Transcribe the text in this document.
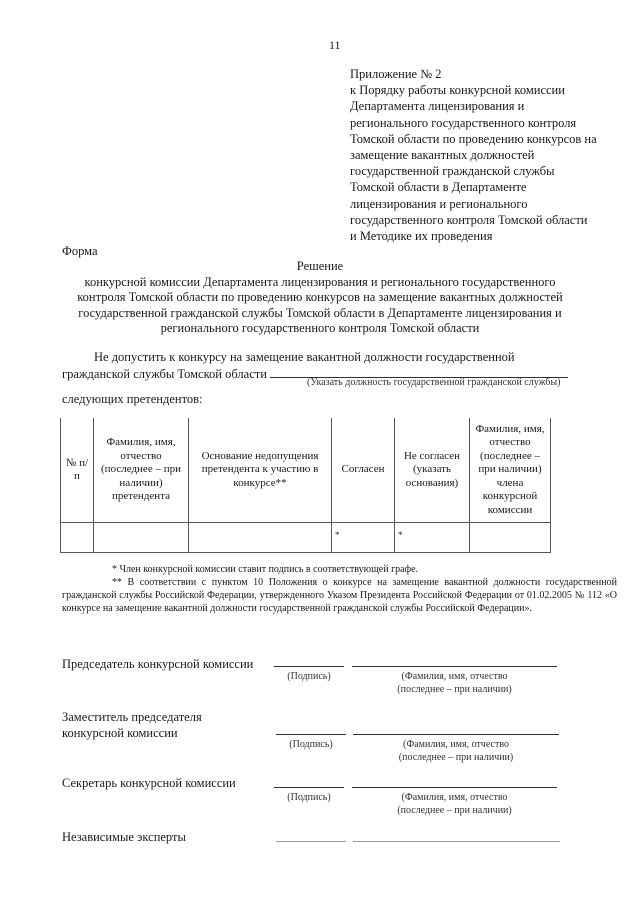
11
Приложение № 2
к Порядку работы конкурсной комиссии
Департамента лицензирования и
регионального государственного контроля
Томской области по проведению конкурсов на
замещение вакантных должностей
государственной гражданской службы
Томской области в Департаменте
лицензирования и регионального
государственного контроля Томской области
и Методике их проведения
Форма
Решение
конкурсной комиссии Департамента лицензирования и регионального государственного
контроля Томской области по проведению конкурсов на замещение вакантных должностей
государственной гражданской службы Томской области в Департаменте лицензирования и
регионального государственного контроля Томской области
Не допустить к конкурсу на замещение вакантной должности государственной
гражданской службы Томской области
(Указать должность государственной гражданской службы)
следующих претендентов:
№ п/п	Фамилия, имя, отчество (последнее – при наличии) претендента	Основание недопущения претендента к участию в конкурсе**	Согласен	Не согласен (указать основания)	Фамилия, имя, отчество (последнее – при наличии) члена конкурсной комиссии
			*	*	
* Член конкурсной комиссии ставит подпись в соответствующей графе.
** В соответствии с пунктом 10 Положения о конкурсе на замещение вакантной должности государственной гражданской службы Российской Федерации, утвержденного Указом Президента Российской Федерации от 01.02.2005 № 112 «О конкурсе на замещение вакантной должности государственной гражданской службы Российской Федерации».
Председатель конкурсной комиссии
(Подпись)	(Фамилия, имя, отчество
(последнее – при наличии)
Заместитель председателя
конкурсной комиссии
(Подпись)	(Фамилия, имя, отчество
(последнее – при наличии)
Секретарь конкурсной комиссии
(Подпись)	(Фамилия, имя, отчество
(последнее – при наличии)
Независимые эксперты
